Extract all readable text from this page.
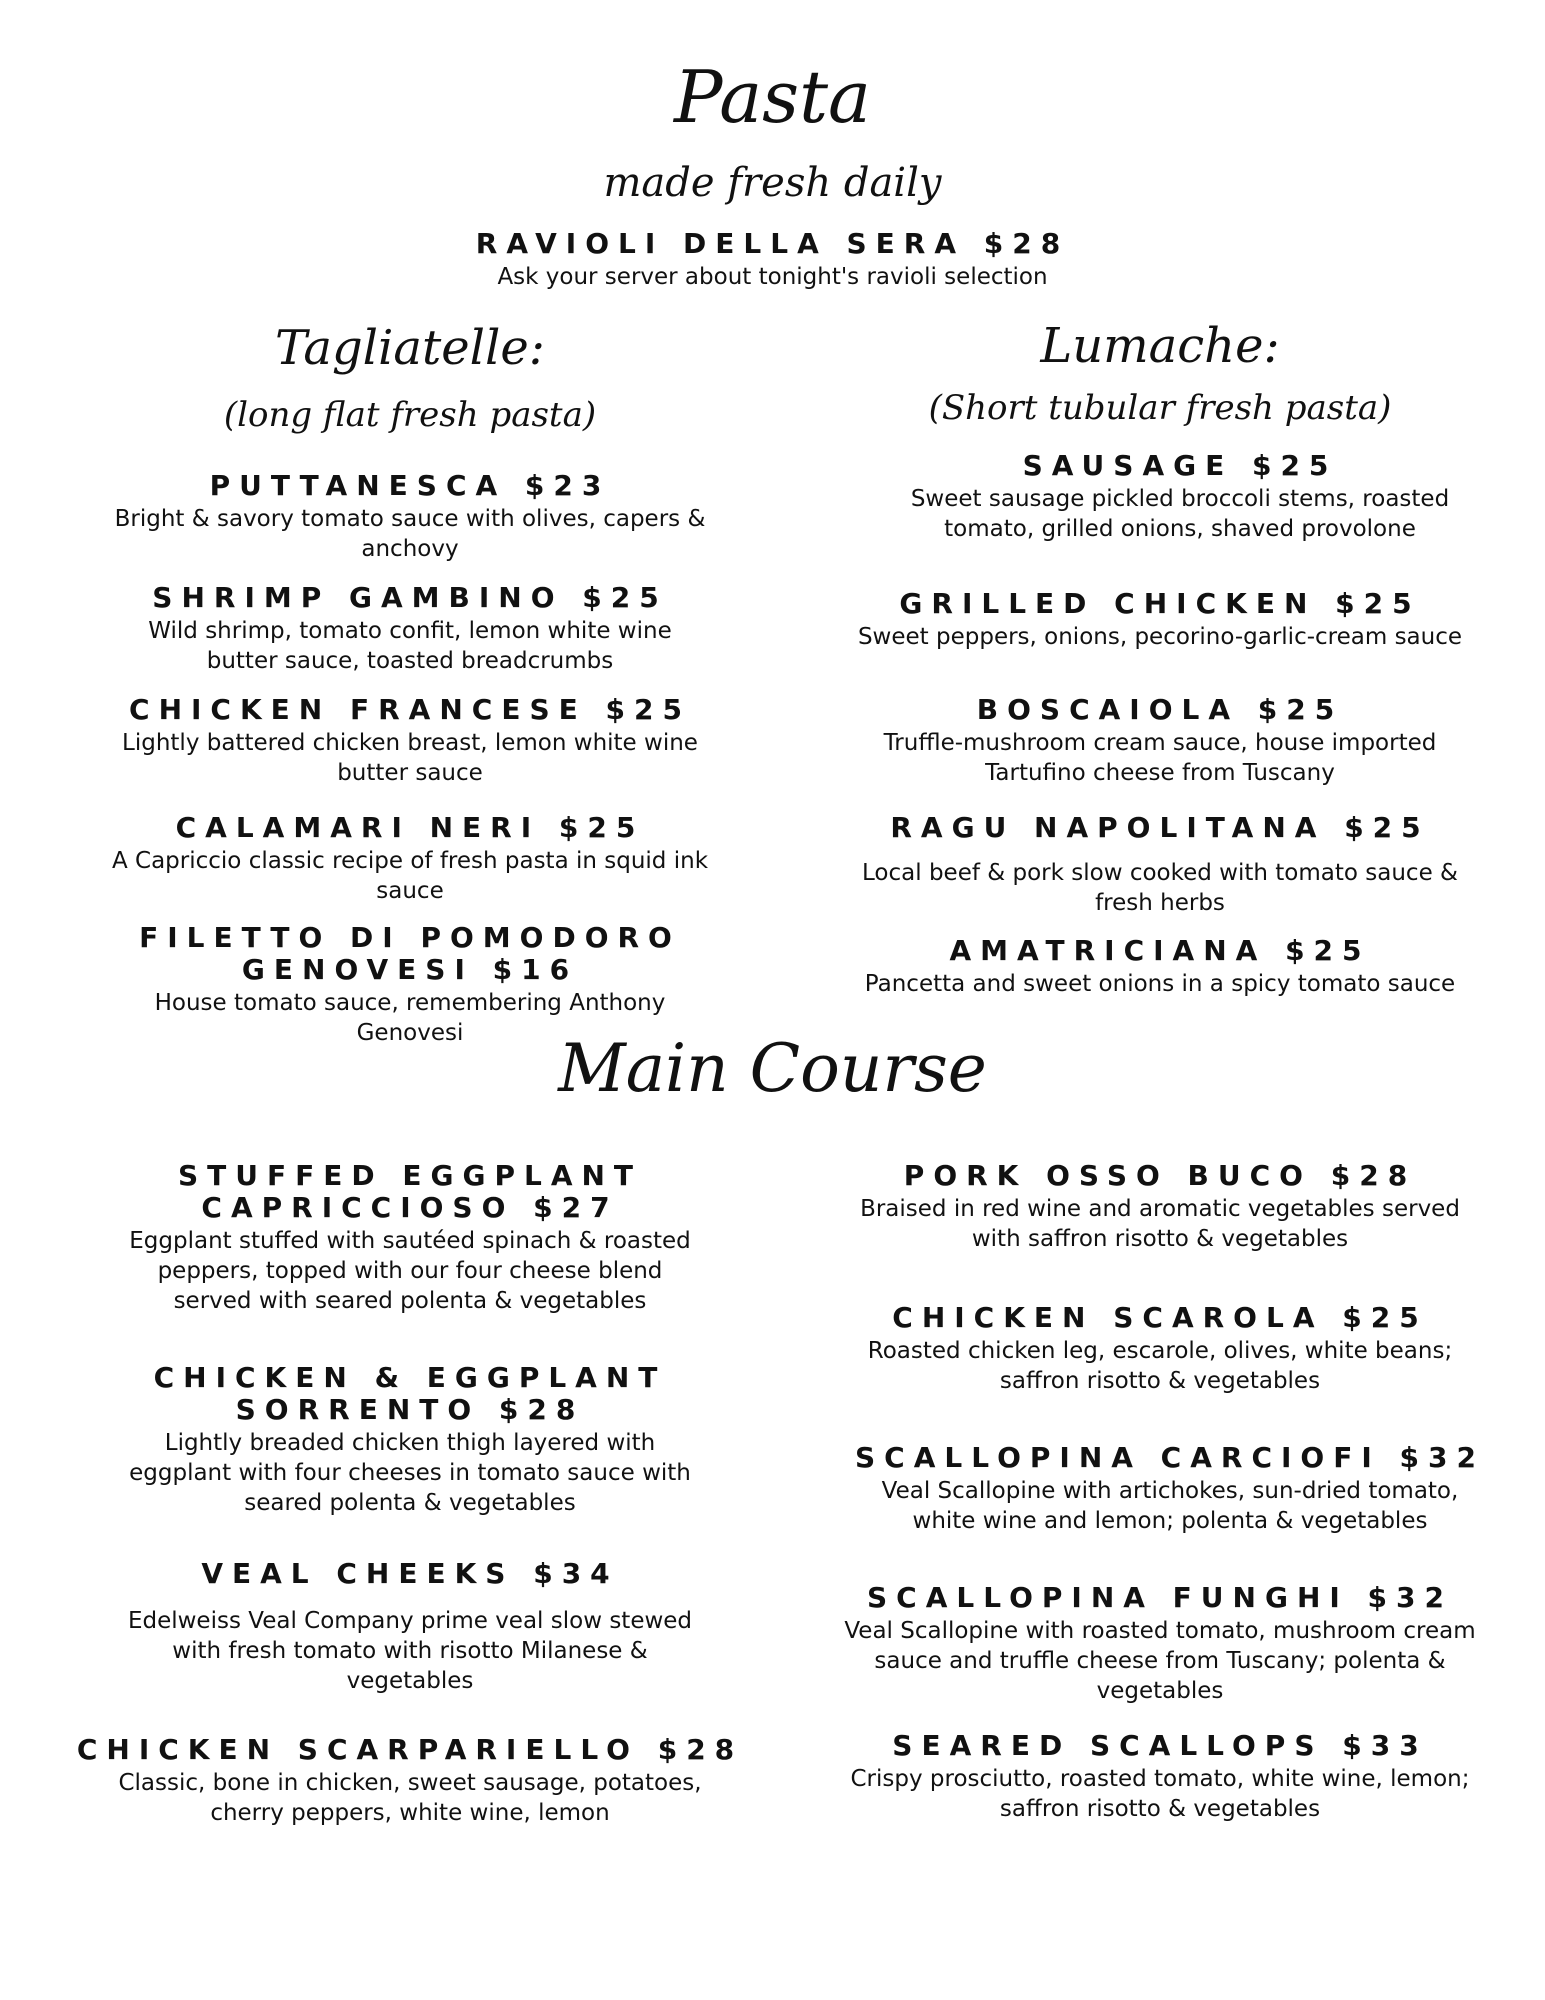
Pasta
made fresh daily
RAVIOLI DELLA SERA $28
Ask your server about tonight's ravioli selection
Tagliatelle:
(long flat fresh pasta)
PUTTANESCA $23
Bright & savory tomato sauce with olives, capers & anchovy
SHRIMP GAMBINO $25
Wild shrimp, tomato confit, lemon white wine butter sauce, toasted breadcrumbs
CHICKEN FRANCESE $25
Lightly battered chicken breast, lemon white wine butter sauce
CALAMARI NERI $25
A Capriccio classic recipe of fresh pasta in squid ink sauce
FILETTO DI POMODORO GENOVESI $16
House tomato sauce, remembering Anthony Genovesi
Lumache:
(Short tubular fresh pasta)
SAUSAGE $25
Sweet sausage pickled broccoli stems, roasted tomato, grilled onions, shaved provolone
GRILLED CHICKEN $25
Sweet peppers, onions, pecorino-garlic-cream sauce
BOSCAIOLA $25
Truffle-mushroom cream sauce, house imported Tartufino cheese from Tuscany
RAGU NAPOLITANA $25
Local beef & pork slow cooked with tomato sauce & fresh herbs
AMATRICIANA $25
Pancetta and sweet onions in a spicy tomato sauce
Main Course
STUFFED EGGPLANT CAPRICCIOSO $27
Eggplant stuffed with sautéed spinach & roasted peppers, topped with our four cheese blend served with seared polenta & vegetables
CHICKEN & EGGPLANT SORRENTO $28
Lightly breaded chicken thigh layered with eggplant with four cheeses in tomato sauce with seared polenta & vegetables
VEAL CHEEKS $34
Edelweiss Veal Company prime veal slow stewed with fresh tomato with risotto Milanese & vegetables
CHICKEN SCARPARIELLO $28
Classic, bone in chicken, sweet sausage, potatoes, cherry peppers, white wine, lemon
PORK OSSO BUCO $28
Braised in red wine and aromatic vegetables served with saffron risotto & vegetables
CHICKEN SCAROLA $25
Roasted chicken leg, escarole, olives, white beans; saffron risotto & vegetables
SCALLOPINA CARCIOFI $32
Veal Scallopine with artichokes, sun-dried tomato, white wine and lemon; polenta & vegetables
SCALLOPINA FUNGHI $32
Veal Scallopine with roasted tomato, mushroom cream sauce and truffle cheese from Tuscany; polenta & vegetables
SEARED SCALLOPS $33
Crispy prosciutto, roasted tomato, white wine, lemon; saffron risotto & vegetables
